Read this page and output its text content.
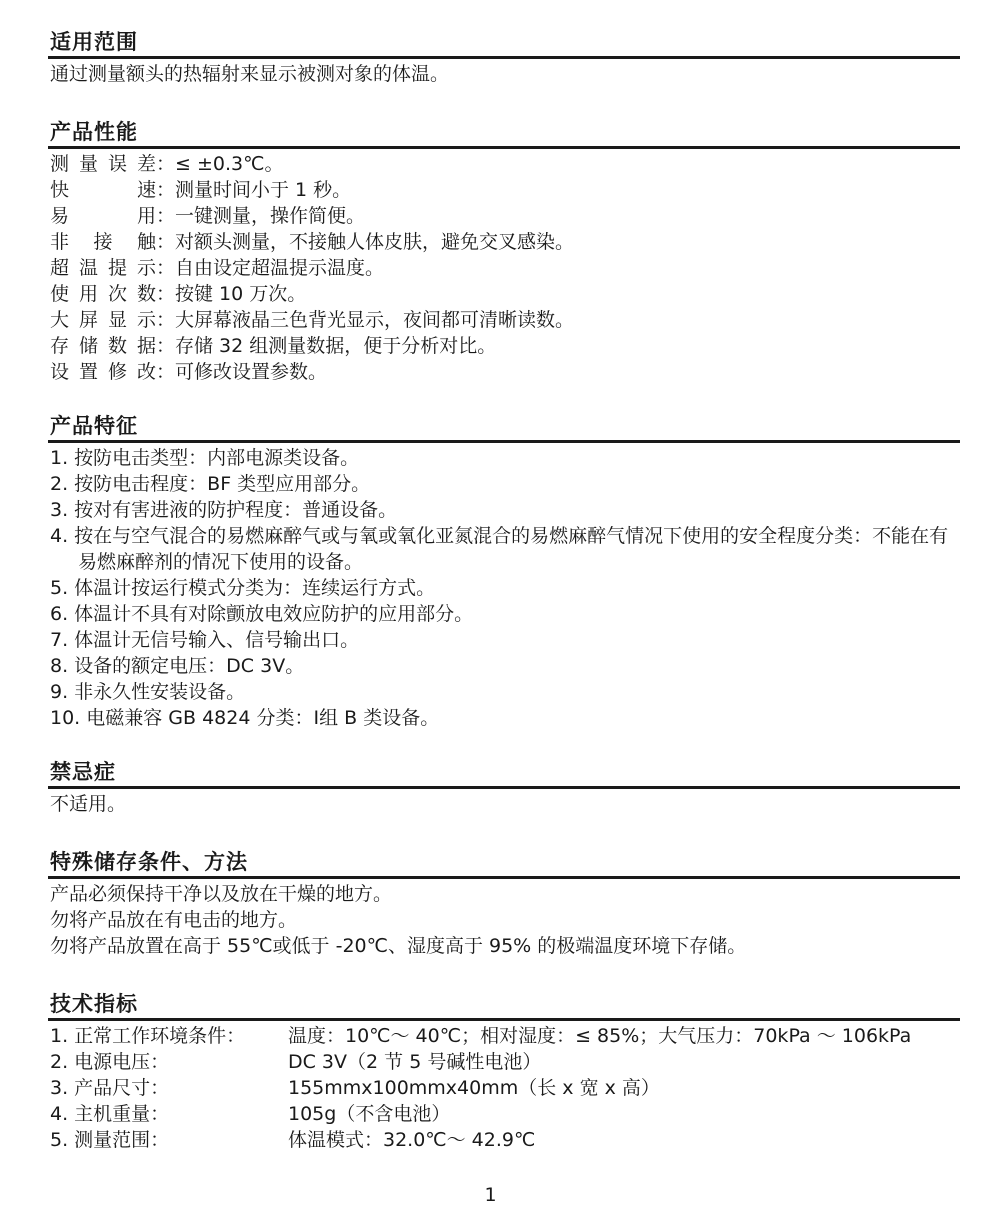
适用范围
通过测量额头的热辐射来显示被测对象的体温。
产品性能
测量误差 ： ≤ ±0.3℃。
快速 ： 测量时间小于 1 秒。
易用 ： 一键测量，操作简便。
非接触 ： 对额头测量，不接触人体皮肤，避免交叉感染。
超温提示 ： 自由设定超温提示温度。
使用次数 ： 按键 10 万次。
大屏显示 ： 大屏幕液晶三色背光显示，夜间都可清晰读数。
存储数据 ： 存储 32 组测量数据，便于分析对比。
设置修改 ： 可修改设置参数。
产品特征
1. 按防电击类型：内部电源类设备。
2. 按防电击程度：BF 类型应用部分。
3. 按对有害进液的防护程度：普通设备。
4. 按在与空气混合的易燃麻醉气或与氧或氧化亚氮混合的易燃麻醉气情况下使用的安全程度分类：不能在有易燃麻醉剂的情况下使用的设备。
5. 体温计按运行模式分类为：连续运行方式。
6. 体温计不具有对除颤放电效应防护的应用部分。
7. 体温计无信号输入、信号输出口。
8. 设备的额定电压：DC 3V。
9. 非永久性安装设备。
10. 电磁兼容 GB 4824 分类：Ⅰ组 B 类设备。
禁忌症
不适用。
特殊储存条件、方法
产品必须保持干净以及放在干燥的地方。
勿将产品放在有电击的地方。
勿将产品放置在高于 55℃或低于 -20℃、湿度高于 95% 的极端温度环境下存储。
技术指标
1. 正常工作环境条件：	温度：10℃～ 40℃；相对湿度：≤ 85%；大气压力：70kPa ～ 106kPa
2. 电源电压：	DC 3V（2 节 5 号碱性电池）
3. 产品尺寸：	155mmx100mmx40mm（长 x 宽 x 高）
4. 主机重量：	105g（不含电池）
5. 测量范围：	体温模式：32.0℃～ 42.9℃
1
